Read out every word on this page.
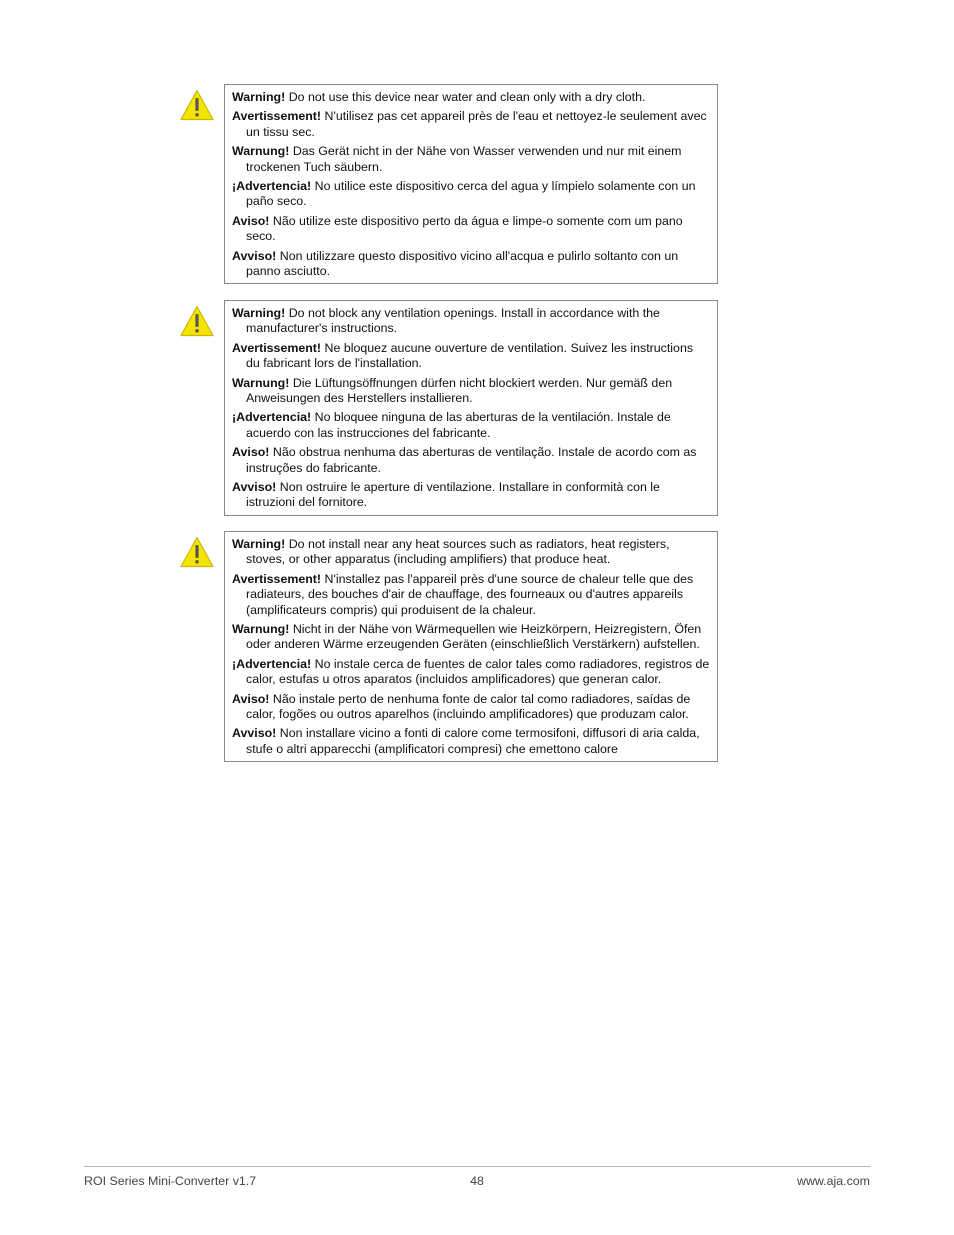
Warning! Do not use this device near water and clean only with a dry cloth.

Avertissement! N'utilisez pas cet appareil près de l'eau et nettoyez-le seulement avec un tissu sec.

Warnung! Das Gerät nicht in der Nähe von Wasser verwenden und nur mit einem trockenen Tuch säubern.

¡Advertencia! No utilice este dispositivo cerca del agua y límpielo solamente con un paño seco.

Aviso! Não utilize este dispositivo perto da água e limpe-o somente com um pano seco.

Avviso! Non utilizzare questo dispositivo vicino all'acqua e pulirlo soltanto con un panno asciutto.

Warning! Do not block any ventilation openings. Install in accordance with the manufacturer's instructions.

Avertissement! Ne bloquez aucune ouverture de ventilation. Suivez les instructions du fabricant lors de l'installation.

Warnung! Die Lüftungsöffnungen dürfen nicht blockiert werden. Nur gemäß den Anweisungen des Herstellers installieren.

¡Advertencia! No bloquee ninguna de las aberturas de la ventilación. Instale de acuerdo con las instrucciones del fabricante.

Aviso! Não obstrua nenhuma das aberturas de ventilação. Instale de acordo com as instruções do fabricante.

Avviso! Non ostruire le aperture di ventilazione. Installare in conformità con le istruzioni del fornitore.

Warning! Do not install near any heat sources such as radiators, heat registers, stoves, or other apparatus (including amplifiers) that produce heat.

Avertissement! N'installez pas l'appareil près d'une source de chaleur telle que des radiateurs, des bouches d'air de chauffage, des fourneaux ou d'autres appareils (amplificateurs compris) qui produisent de la chaleur.

Warnung! Nicht in der Nähe von Wärmequellen wie Heizkörpern, Heizregistern, Öfen oder anderen Wärme erzeugenden Geräten (einschließlich Verstärkern) aufstellen.

¡Advertencia! No instale cerca de fuentes de calor tales como radiadores, registros de calor, estufas u otros aparatos (incluidos amplificadores) que generan calor.

Aviso! Não instale perto de nenhuma fonte de calor tal como radiadores, saídas de calor, fogões ou outros aparelhos (incluindo amplificadores) que produzam calor.

Avviso! Non installare vicino a fonti di calore come termosifoni, diffusori di aria calda, stufe o altri apparecchi (amplificatori compresi) che emettono calore

ROI Series Mini-Converter v1.7	48	www.aja.com
